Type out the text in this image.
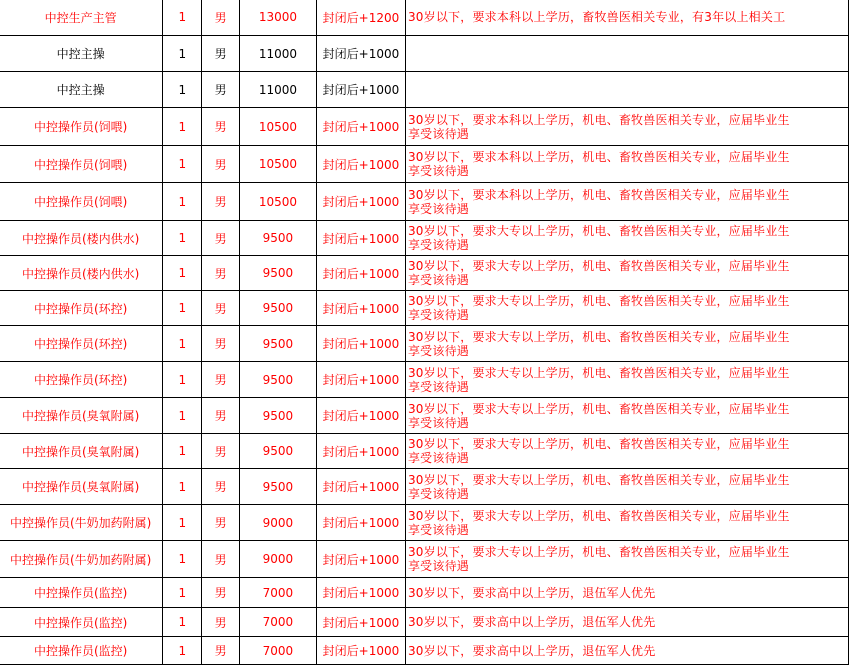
中控生产主管	1	男	13000	封闭后+1200	30岁以下，要求本科以上学历，畜牧兽医相关专业，有3年以上相关工

中控主操	1	男	11000	封闭后+1000	

中控主操	1	男	11000	封闭后+1000	

中控操作员(饲喂)	1	男	10500	封闭后+1000	30岁以下，要求本科以上学历，机电、畜牧兽医相关专业，应届毕业生
享受该待遇

中控操作员(饲喂)	1	男	10500	封闭后+1000	30岁以下，要求本科以上学历，机电、畜牧兽医相关专业，应届毕业生
享受该待遇

中控操作员(饲喂)	1	男	10500	封闭后+1000	30岁以下，要求本科以上学历，机电、畜牧兽医相关专业，应届毕业生
享受该待遇

中控操作员(楼内供水)	1	男	9500	封闭后+1000	30岁以下，要求大专以上学历，机电、畜牧兽医相关专业，应届毕业生
享受该待遇

中控操作员(楼内供水)	1	男	9500	封闭后+1000	30岁以下，要求大专以上学历，机电、畜牧兽医相关专业，应届毕业生
享受该待遇

中控操作员(环控)	1	男	9500	封闭后+1000	30岁以下，要求大专以上学历，机电、畜牧兽医相关专业，应届毕业生
享受该待遇

中控操作员(环控)	1	男	9500	封闭后+1000	30岁以下，要求大专以上学历，机电、畜牧兽医相关专业，应届毕业生
享受该待遇

中控操作员(环控)	1	男	9500	封闭后+1000	30岁以下，要求大专以上学历，机电、畜牧兽医相关专业，应届毕业生
享受该待遇

中控操作员(臭氧附属)	1	男	9500	封闭后+1000	30岁以下，要求大专以上学历，机电、畜牧兽医相关专业，应届毕业生
享受该待遇

中控操作员(臭氧附属)	1	男	9500	封闭后+1000	30岁以下，要求大专以上学历，机电、畜牧兽医相关专业，应届毕业生
享受该待遇

中控操作员(臭氧附属)	1	男	9500	封闭后+1000	30岁以下，要求大专以上学历，机电、畜牧兽医相关专业，应届毕业生
享受该待遇

中控操作员(牛奶加药附属)	1	男	9000	封闭后+1000	30岁以下，要求大专以上学历，机电、畜牧兽医相关专业，应届毕业生
享受该待遇

中控操作员(牛奶加药附属)	1	男	9000	封闭后+1000	30岁以下，要求大专以上学历，机电、畜牧兽医相关专业，应届毕业生
享受该待遇

中控操作员(监控)	1	男	7000	封闭后+1000	30岁以下，要求高中以上学历，退伍军人优先

中控操作员(监控)	1	男	7000	封闭后+1000	30岁以下，要求高中以上学历，退伍军人优先

中控操作员(监控)	1	男	7000	封闭后+1000	30岁以下，要求高中以上学历，退伍军人优先
